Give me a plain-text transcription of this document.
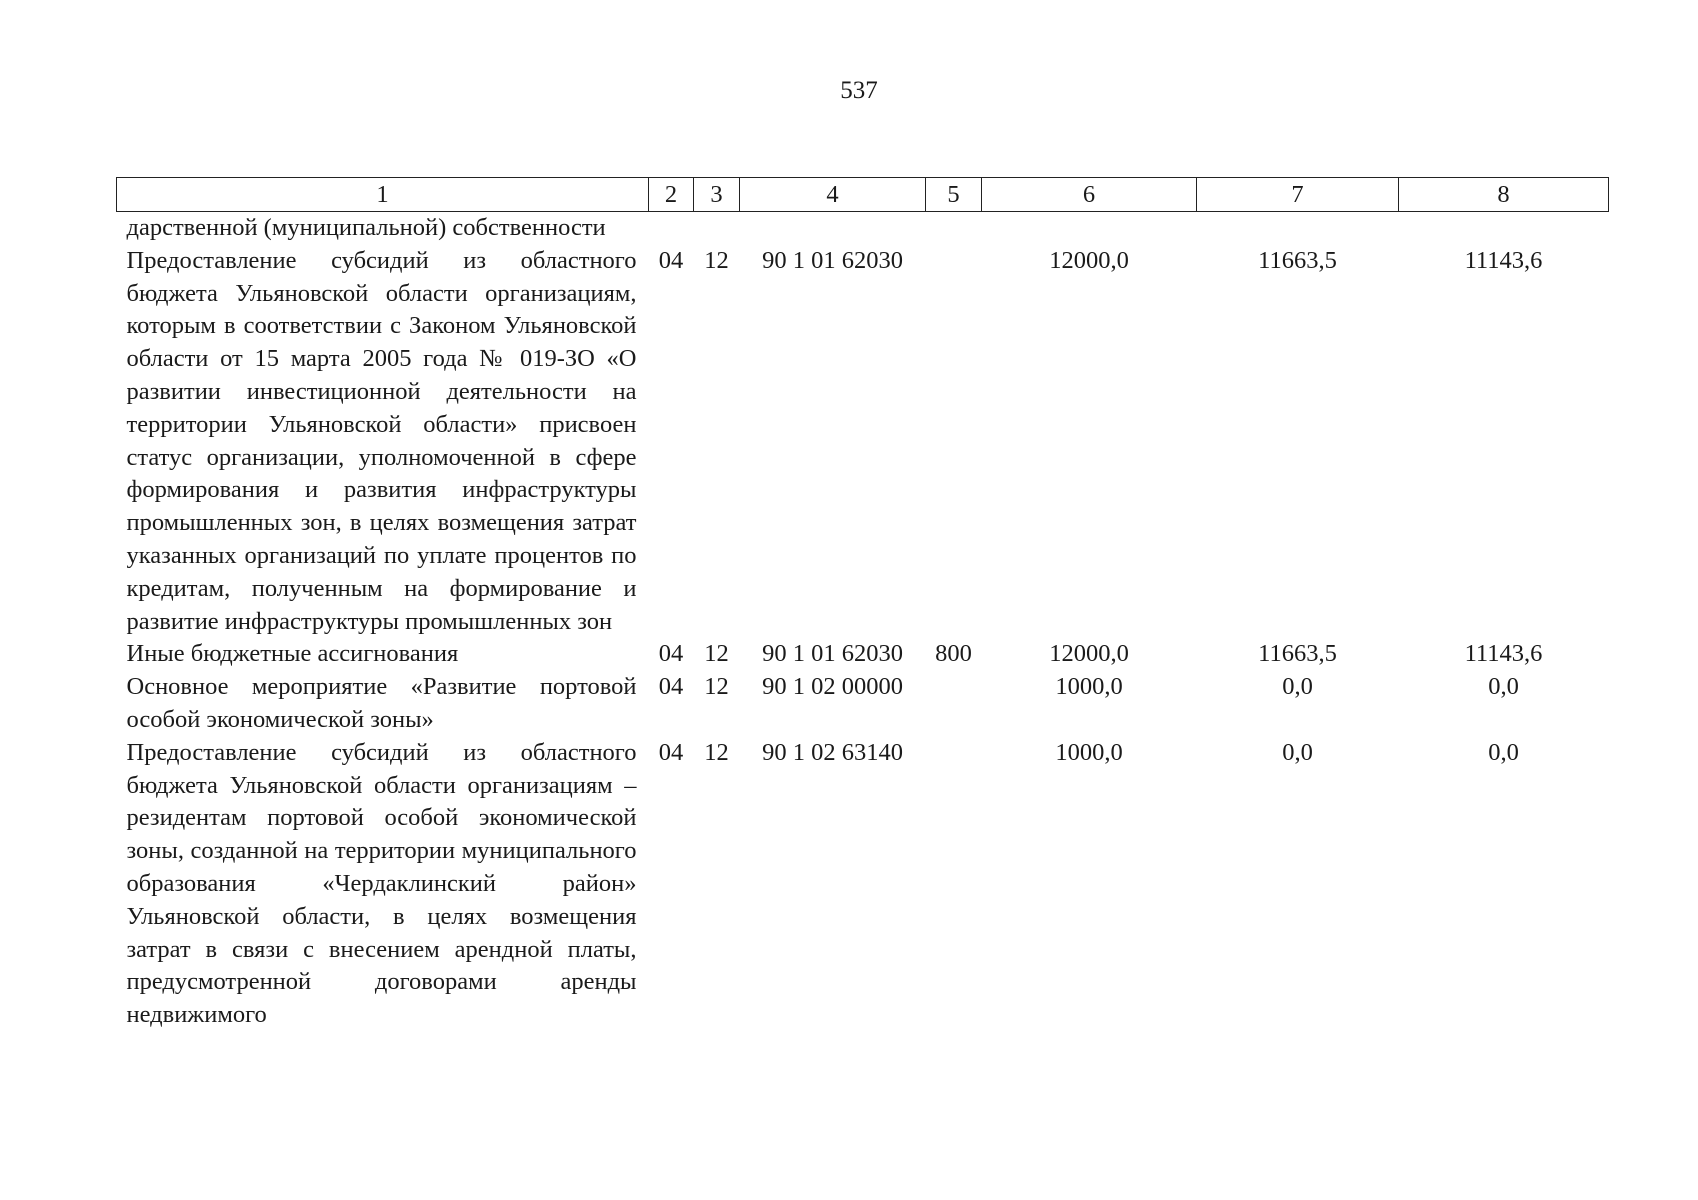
537
1	2	3	4	5	6	7	8

дарственной (муниципальной) собственности							

Предоставление субсидий из областного бюджета Ульяновской области организациям, которым в соответствии с Законом Ульяновской области от 15 марта 2005 года № 019-ЗО «О развитии инвестиционной деятельности на территории Ульяновской области» присвоен статус организации, уполномоченной в сфере формирования и развития инфраструктуры промышленных зон, в целях возмещения затрат указанных организаций по уплате процентов по кредитам, полученным на формирование и развитие инфраструктуры промышленных зон	04	12	90 1 01 62030		12000,0	11663,5	11143,6

Иные бюджетные ассигнования	04	12	90 1 01 62030	800	12000,0	11663,5	11143,6

Основное мероприятие «Развитие портовой особой экономической зоны»	04	12	90 1 02 00000		1000,0	0,0	0,0

Предоставление субсидий из областного бюджета Ульяновской области организациям – резидентам портовой особой экономической зоны, созданной на территории муниципального образования «Чердаклинский район» Ульяновской области, в целях возмещения затрат в связи с внесением арендной платы, предусмотренной договорами аренды недвижимого	04	12	90 1 02 63140		1000,0	0,0	0,0
